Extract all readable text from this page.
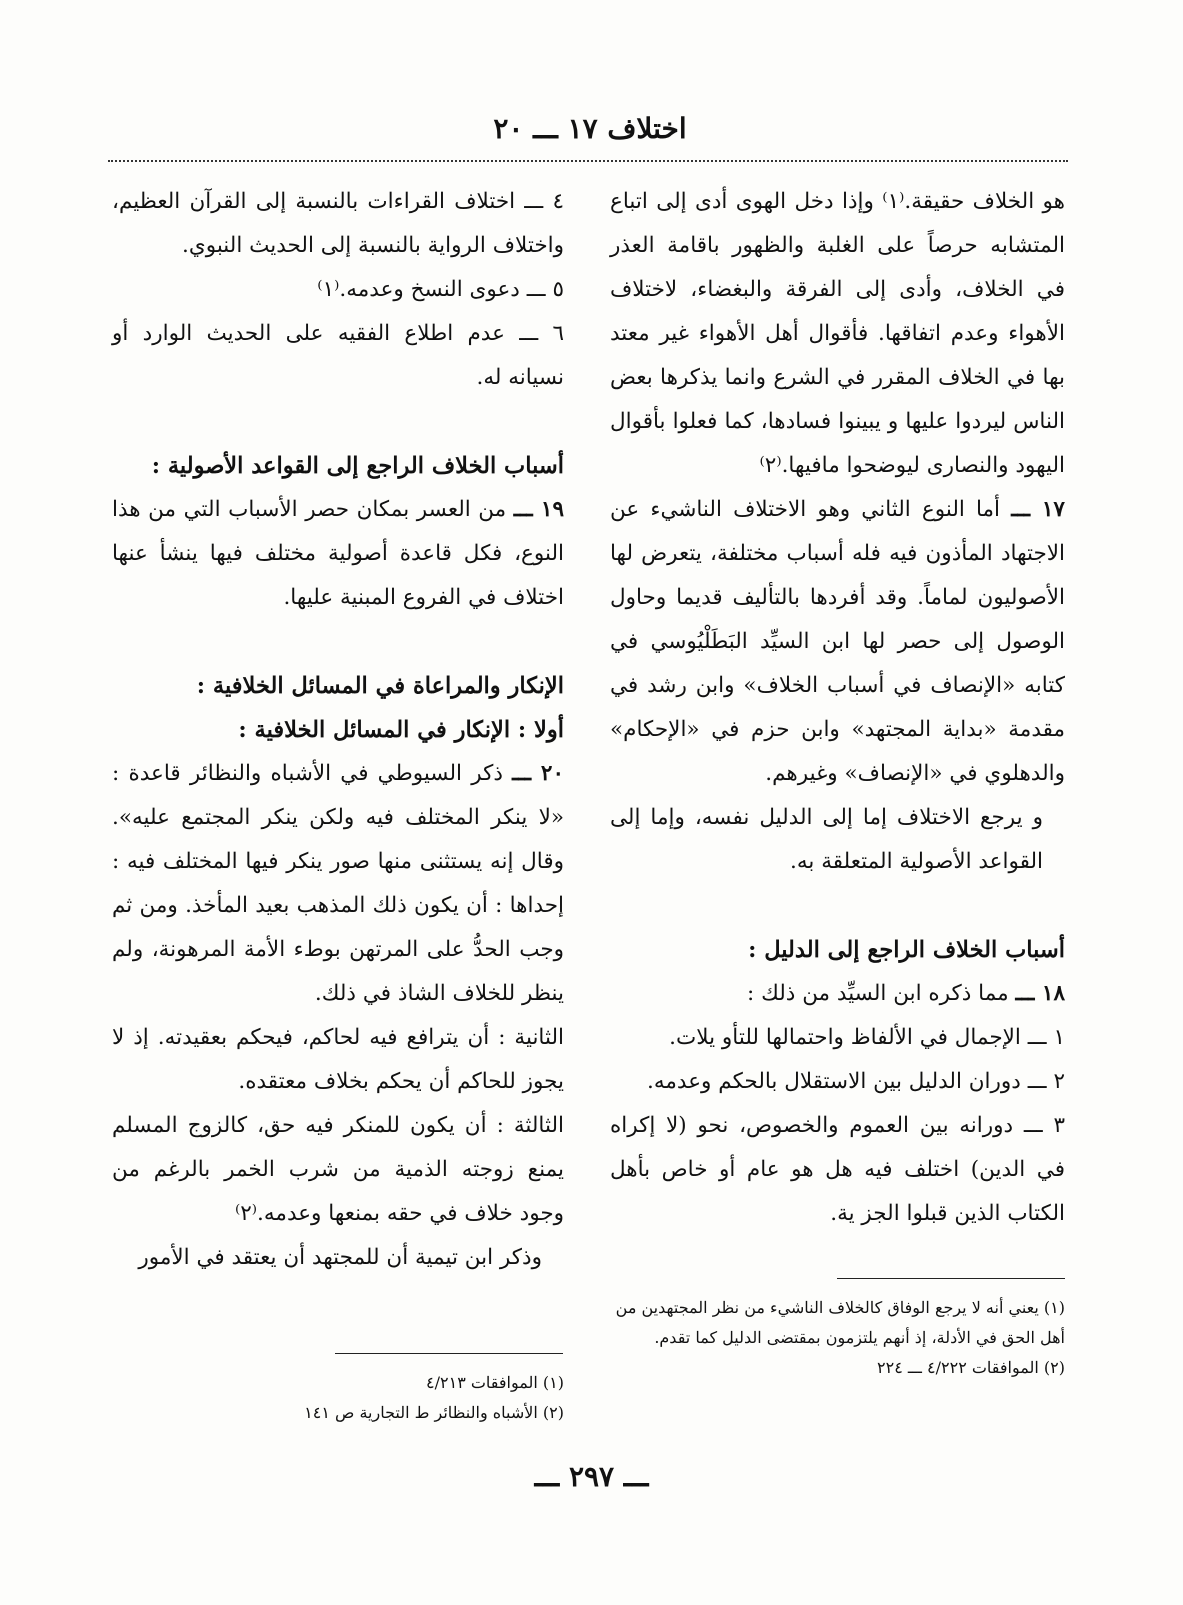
اختلاف ١٧ ـــ ٢٠

هو الخلاف حقيقة.⁽١⁾ وإذا دخل الهوى أدى إلى اتباع المتشابه حرصاً على الغلبة والظهور باقامة العذر في الخلاف، وأدى إلى الفرقة والبغضاء، لاختلاف الأهواء وعدم اتفاقها. فأقوال أهل الأهواء غير معتد بها في الخلاف المقرر في الشرع وانما يذكرها بعض الناس ليردوا عليها و يبينوا فسادها، كما فعلوا بأقوال اليهود والنصارى ليوضحوا مافيها.⁽٢⁾

١٧ ـــ أما النوع الثاني وهو الاختلاف الناشيء عن الاجتهاد المأذون فيه فله أسباب مختلفة، يتعرض لها الأصوليون لماماً. وقد أفردها بالتأليف قديما وحاول الوصول إلى حصر لها ابن السيِّد البَطَلْيُوسي في كتابه «الإنصاف في أسباب الخلاف» وابن رشد في مقدمة «بداية المجتهد» وابن حزم في «الإحكام» والدهلوي في «الإنصاف» وغيرهم.

و يرجع الاختلاف إما إلى الدليل نفسه، وإما إلى القواعد الأصولية المتعلقة به.

أسباب الخلاف الراجع إلى الدليل :

١٨ ـــ مما ذكره ابن السيِّد من ذلك :

١ ـــ الإجمال في الألفاظ واحتمالها للتأو يلات.

٢ ـــ دوران الدليل بين الاستقلال بالحكم وعدمه.

٣ ـــ دورانه بين العموم والخصوص، نحو (لا إكراه في الدين) اختلف فيه هل هو عام أو خاص بأهل الكتاب الذين قبلوا الجز ية.

(١) يعني أنه لا يرجع الوفاق كالخلاف الناشيء من نظر المجتهدين من أهل الحق في الأدلة، إذ أنهم يلتزمون بمقتضى الدليل كما تقدم.

(٢) الموافقات ٤/٢٢٢ ـــ ٢٢٤

٤ ـــ اختلاف القراءات بالنسبة إلى القرآن العظيم، واختلاف الرواية بالنسبة إلى الحديث النبوي.

٥ ـــ دعوى النسخ وعدمه.⁽١⁾

٦ ـــ عدم اطلاع الفقيه على الحديث الوارد أو نسيانه له.

أسباب الخلاف الراجع إلى القواعد الأصولية :

١٩ ـــ من العسر بمكان حصر الأسباب التي من هذا النوع، فكل قاعدة أصولية مختلف فيها ينشأ عنها اختلاف في الفروع المبنية عليها.

الإنكار والمراعاة في المسائل الخلافية :

أولا : الإنكار في المسائل الخلافية :

٢٠ ـــ ذكر السيوطي في الأشباه والنظائر قاعدة : «لا ينكر المختلف فيه ولكن ينكر المجتمع عليه». وقال إنه يستثنى منها صور ينكر فيها المختلف فيه : إحداها : أن يكون ذلك المذهب بعيد المأخذ. ومن ثم وجب الحدُّ على المرتهن بوطء الأمة المرهونة، ولم ينظر للخلاف الشاذ في ذلك.

الثانية : أن يترافع فيه لحاكم، فيحكم بعقيدته. إذ لا يجوز للحاكم أن يحكم بخلاف معتقده.

الثالثة : أن يكون للمنكر فيه حق، كالزوج المسلم يمنع زوجته الذمية من شرب الخمر بالرغم من وجود خلاف في حقه بمنعها وعدمه.⁽٢⁾

وذكر ابن تيمية أن للمجتهد أن يعتقد في الأمور

(١) الموافقات ٤/٢١٣

(٢) الأشباه والنظائر ط التجارية ص ١٤١

ـــ ٢٩٧ ـــ
